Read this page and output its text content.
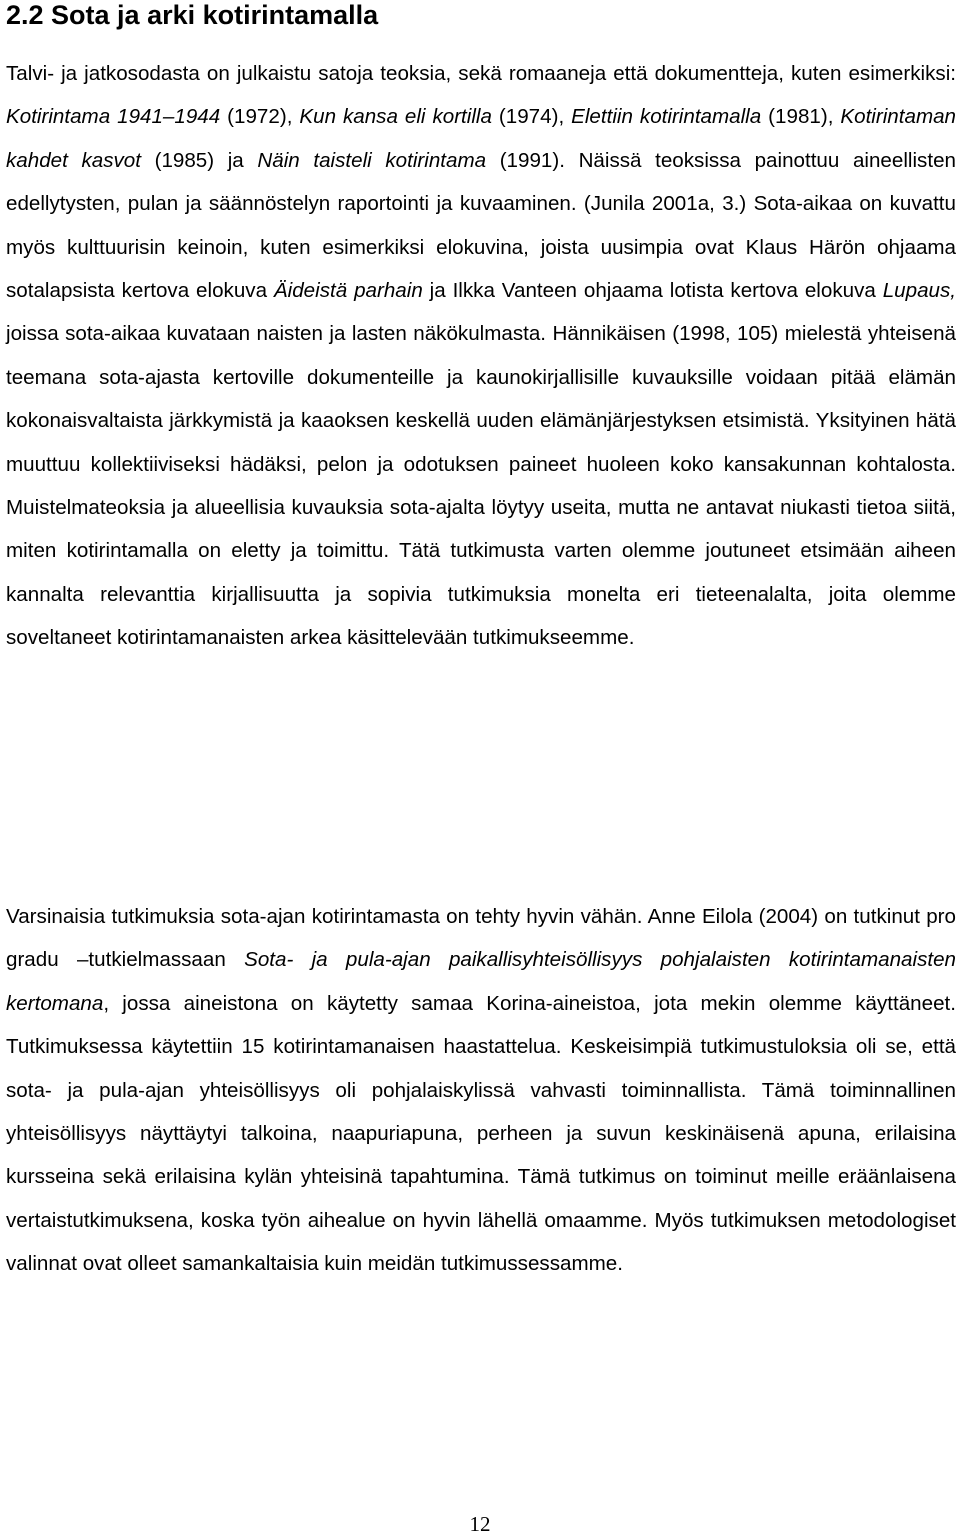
2.2 Sota ja arki kotirintamalla

Talvi- ja jatkosodasta on julkaistu satoja teoksia, sekä romaaneja että dokumentteja, kuten esimerkiksi: Kotirintama 1941–1944 (1972), Kun kansa eli kortilla (1974), Elettiin kotirintamalla (1981), Kotirintaman kahdet kasvot (1985) ja Näin taisteli kotirintama (1991). Näissä teoksissa painottuu aineellisten edellytysten, pulan ja säännöstelyn raportointi ja kuvaaminen. (Junila 2001a, 3.) Sota-aikaa on kuvattu myös kulttuurisin keinoin, kuten esimerkiksi elokuvina, joista uusimpia ovat Klaus Härön ohjaama sotalapsista kertova elokuva Äideistä parhain ja Ilkka Vanteen ohjaama lotista kertova elokuva Lupaus, joissa sota-aikaa kuvataan naisten ja lasten näkökulmasta. Hännikäisen (1998, 105) mielestä yhteisenä teemana sota-ajasta kertoville dokumenteille ja kaunokirjallisille kuvauksille voidaan pitää elämän kokonaisvaltaista järkkymistä ja kaaoksen keskellä uuden elämänjärjestyksen etsimistä. Yksityinen hätä muuttuu kollektiiviseksi hädäksi, pelon ja odotuksen paineet huoleen koko kansakunnan kohtalosta. Muistelmateoksia ja alueellisia kuvauksia sota-ajalta löytyy useita, mutta ne antavat niukasti tietoa siitä, miten kotirintamalla on eletty ja toimittu. Tätä tutkimusta varten olemme joutuneet etsimään aiheen kannalta relevanttia kirjallisuutta ja sopivia tutkimuksia monelta eri tieteenalalta, joita olemme soveltaneet kotirintamanaisten arkea käsittelevään tutkimukseemme.

Varsinaisia tutkimuksia sota-ajan kotirintamasta on tehty hyvin vähän. Anne Eilola (2004) on tutkinut pro gradu –tutkielmassaan Sota- ja pula-ajan paikallisyhteisöllisyys pohjalaisten kotirintamanaisten kertomana, jossa aineistona on käytetty samaa Korina-aineistoa, jota mekin olemme käyttäneet. Tutkimuksessa käytettiin 15 kotirintamanaisen haastattelua. Keskeisimpiä tutkimustuloksia oli se, että sota- ja pula-ajan yhteisöllisyys oli pohjalaiskylissä vahvasti toiminnallista. Tämä toiminnallinen yhteisöllisyys näyttäytyi talkoina, naapuriapuna, perheen ja suvun keskinäisenä apuna, erilaisina kursseina sekä erilaisina kylän yhteisinä tapahtumina. Tämä tutkimus on toiminut meille eräänlaisena vertaistutkimuksena, koska työn aihealue on hyvin lähellä omaamme. Myös tutkimuksen metodologiset valinnat ovat olleet samankaltaisia kuin meidän tutkimussessamme.

12
